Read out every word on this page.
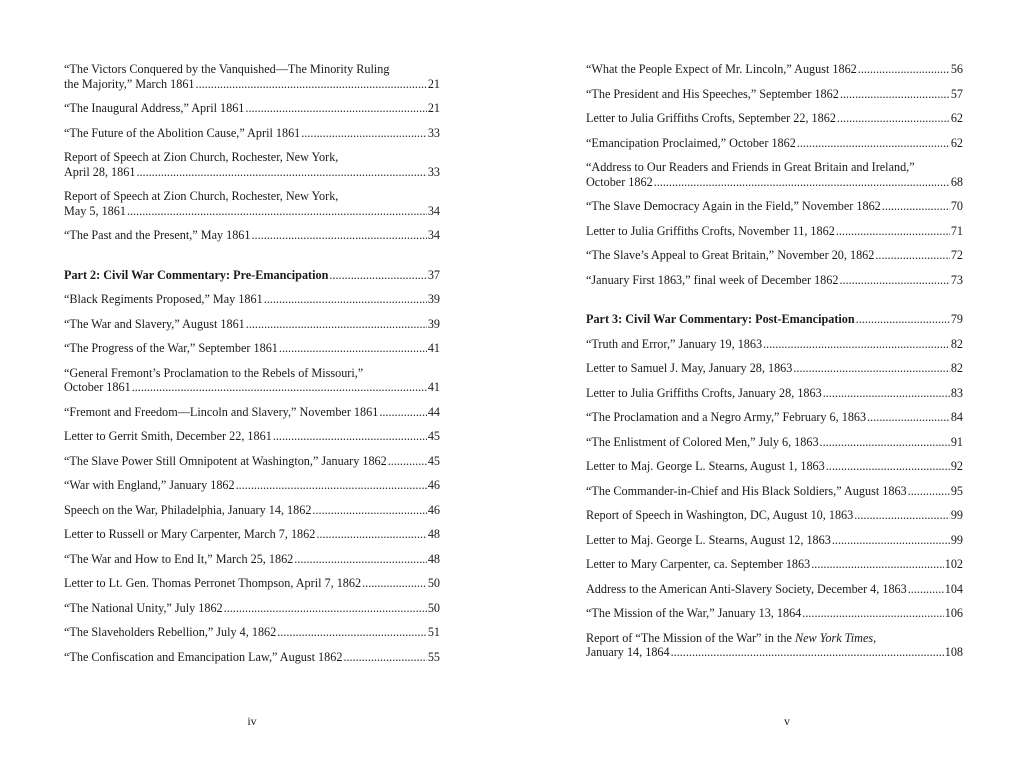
“The Victors Conquered by the Vanquished—The Minority Ruling
the Majority,” March 1861 .....	21
“The Inaugural Address,” April 1861 .....	21
“The Future of the Abolition Cause,” April 1861 .....	33
Report of Speech at Zion Church, Rochester, New York,
April 28, 1861 .....	33
Report of Speech at Zion Church, Rochester, New York,
May 5, 1861 .....	34
“The Past and the Present,” May 1861 .....	34
Part 2: Civil War Commentary: Pre-Emancipation .....	37
“Black Regiments Proposed,” May 1861 .....	39
“The War and Slavery,” August 1861 .....	39
“The Progress of the War,” September 1861 .....	41
“General Fremont’s Proclamation to the Rebels of Missouri,”
October 1861 .....	41
“Fremont and Freedom—Lincoln and Slavery,” November 1861 .....	44
Letter to Gerrit Smith, December 22, 1861 .....	45
“The Slave Power Still Omnipotent at Washington,” January 1862 .....	45
“War with England,” January 1862 .....	46
Speech on the War, Philadelphia, January 14, 1862 .....	46
Letter to Russell or Mary Carpenter, March 7, 1862 .....	48
“The War and How to End It,” March 25, 1862 .....	48
Letter to Lt. Gen. Thomas Perronet Thompson, April 7, 1862 .....	50
“The National Unity,” July 1862 .....	50
“The Slaveholders Rebellion,” July 4, 1862 .....	51
“The Confiscation and Emancipation Law,” August 1862 .....	55
iv
“What the People Expect of Mr. Lincoln,” August 1862 .....	56
“The President and His Speeches,” September 1862 .....	57
Letter to Julia Griffiths Crofts, September 22, 1862 .....	62
“Emancipation Proclaimed,” October 1862 .....	62
“Address to Our Readers and Friends in Great Britain and Ireland,”
October 1862 .....	68
“The Slave Democracy Again in the Field,” November 1862 .....	70
Letter to Julia Griffiths Crofts, November 11, 1862 .....	71
“The Slave’s Appeal to Great Britain,” November 20, 1862 .....	72
“January First 1863,” final week of December 1862 .....	73
Part 3: Civil War Commentary: Post-Emancipation .....	79
“Truth and Error,” January 19, 1863 .....	82
Letter to Samuel J. May, January 28, 1863 .....	82
Letter to Julia Griffiths Crofts, January 28, 1863 .....	83
“The Proclamation and a Negro Army,” February 6, 1863 .....	84
“The Enlistment of Colored Men,” July 6, 1863 .....	91
Letter to Maj. George L. Stearns, August 1, 1863 .....	92
“The Commander-in-Chief and His Black Soldiers,” August 1863 .....	95
Report of Speech in Washington, DC, August 10, 1863 .....	99
Letter to Maj. George L. Stearns, August 12, 1863 .....	99
Letter to Mary Carpenter, ca. September 1863 .....	102
Address to the American Anti-Slavery Society, December 4, 1863 .....	104
“The Mission of the War,” January 13, 1864 .....	106
Report of “The Mission of the War” in the New York Times,
January 14, 1864 .....	108
v
